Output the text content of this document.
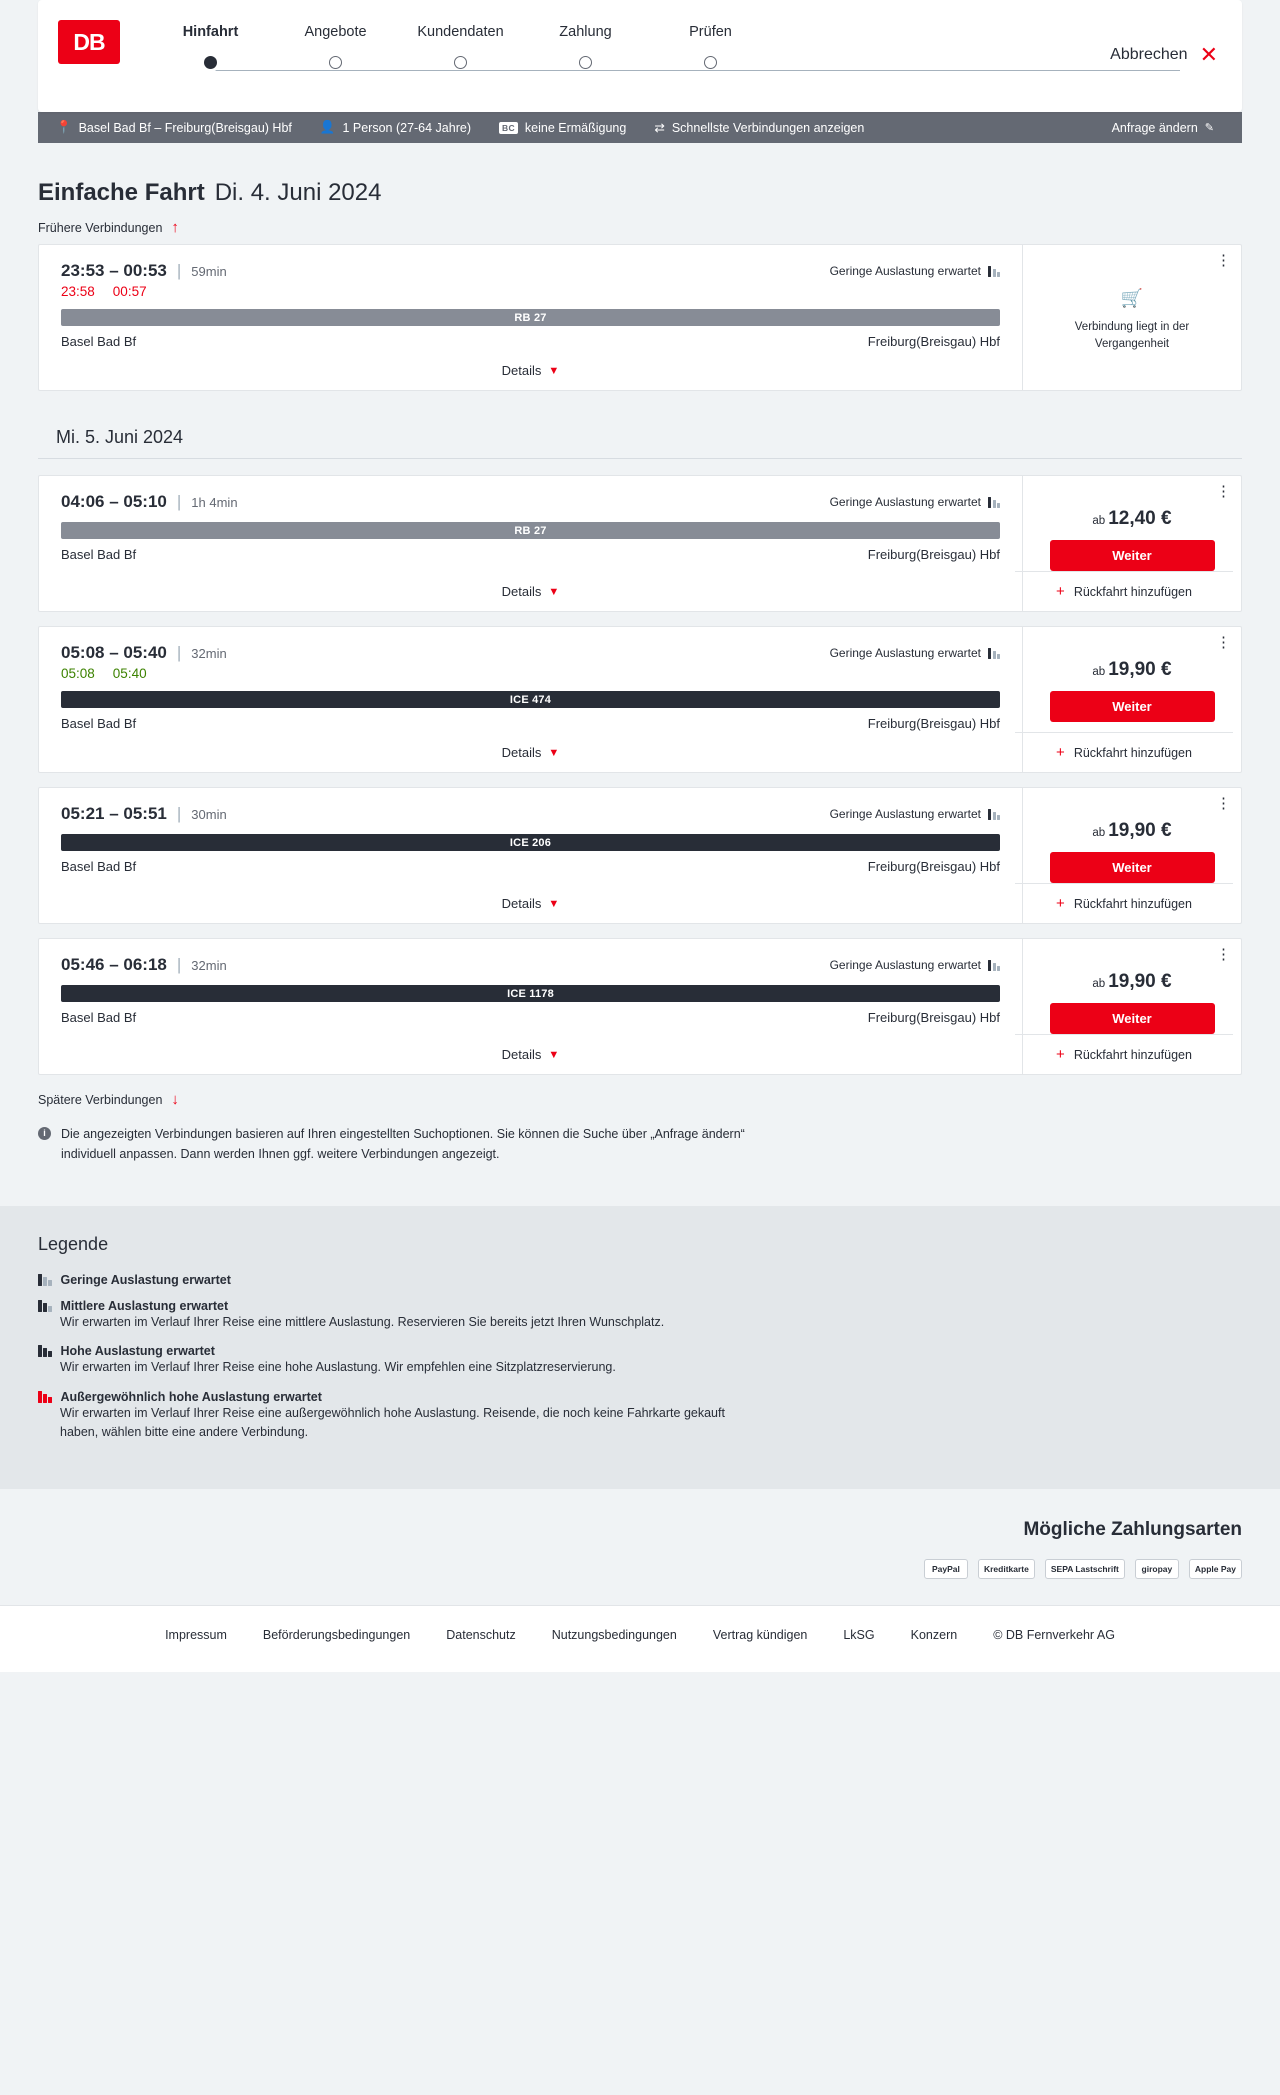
DB	Hinfahrt	Angebote	Kundendaten	Zahlung	Prüfen
Abbrechen ✕
📍 Basel Bad Bf – Freiburg(Breisgau) Hbf 👤 1 Person (27-64 Jahre)	BC keine Ermäßigung ⇄ Schnellste Verbindungen anzeigen	Anfrage ändern ✎
Einfache Fahrt Di. 4. Juni 2024
Frühere Verbindungen ↑
23:53 – 00:53 | 59min	Geringe Auslastung erwartet
23:58 00:57
RB 27
Basel Bad Bf	Freiburg(Breisgau) Hbf
Details ▼
⋮
🛒
Verbindung liegt in der Vergangenheit
Mi. 5. Juni 2024
04:06 – 05:10 | 1h 4min	Geringe Auslastung erwartet
RB 27
Basel Bad Bf	Freiburg(Breisgau) Hbf
Details ▼
⋮
ab 12,40 €
Weiter
+ Rückfahrt hinzufügen
05:08 – 05:40 | 32min	Geringe Auslastung erwartet
05:08 05:40
ICE 474
Basel Bad Bf	Freiburg(Breisgau) Hbf
Details ▼
⋮
ab 19,90 €
Weiter
+ Rückfahrt hinzufügen
05:21 – 05:51 | 30min	Geringe Auslastung erwartet
ICE 206
Basel Bad Bf	Freiburg(Breisgau) Hbf
Details ▼
⋮
ab 19,90 €
Weiter
+ Rückfahrt hinzufügen
05:46 – 06:18 | 32min	Geringe Auslastung erwartet
ICE 1178
Basel Bad Bf	Freiburg(Breisgau) Hbf
Details ▼
⋮
ab 19,90 €
Weiter
+ Rückfahrt hinzufügen
Spätere Verbindungen ↓
i	Die angezeigten Verbindungen basieren auf Ihren eingestellten Suchoptionen. Sie können die Suche über „Anfrage ändern“ individuell anpassen. Dann werden Ihnen ggf. weitere Verbindungen angezeigt.
Legende
Geringe Auslastung erwartet
Mittlere Auslastung erwartet
Wir erwarten im Verlauf Ihrer Reise eine mittlere Auslastung. Reservieren Sie bereits jetzt Ihren Wunschplatz.
Hohe Auslastung erwartet
Wir erwarten im Verlauf Ihrer Reise eine hohe Auslastung. Wir empfehlen eine Sitzplatzreservierung.
Außergewöhnlich hohe Auslastung erwartet
Wir erwarten im Verlauf Ihrer Reise eine außergewöhnlich hohe Auslastung. Reisende, die noch keine Fahrkarte gekauft haben, wählen bitte eine andere Verbindung.
Mögliche Zahlungsarten
PayPal	Kreditkarte	SEPA Lastschrift	giropay	Apple Pay
Impressum	Beförderungsbedingungen	Datenschutz	Nutzungsbedingungen	Vertrag kündigen	LkSG	Konzern	© DB Fernverkehr AG
